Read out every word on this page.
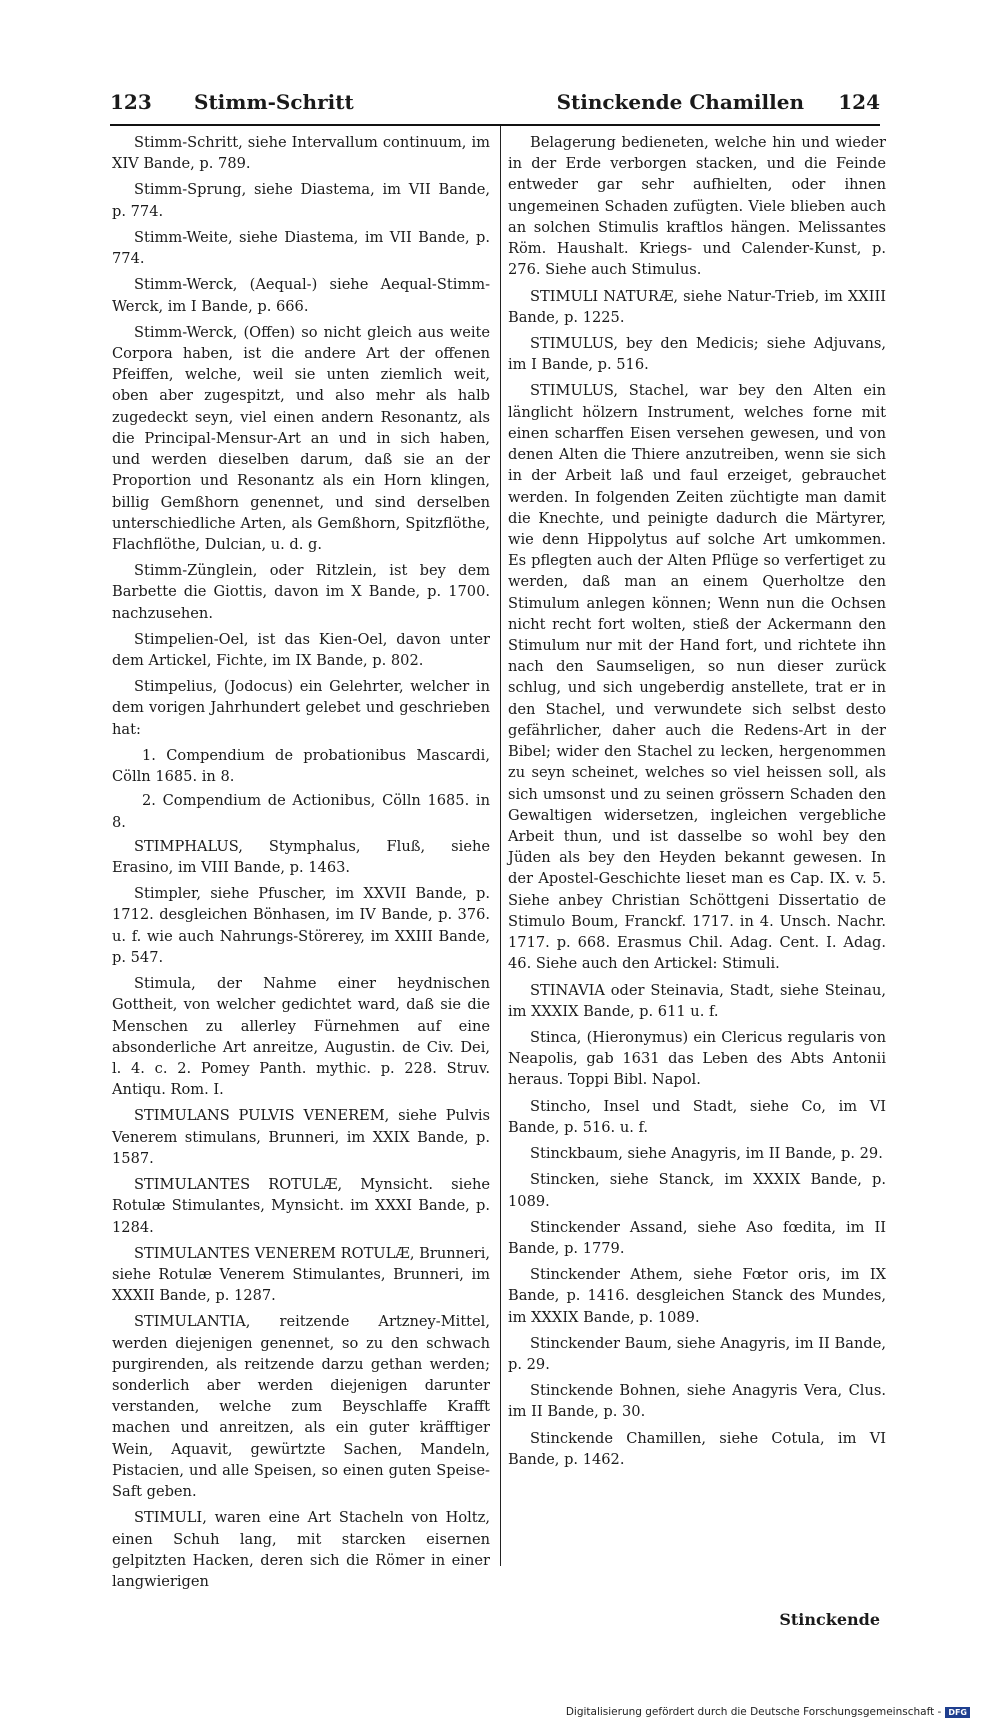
123 Stimm-Schritt	Stinckende Chamillen 124

Stimm-Schritt, siehe Intervallum continuum, im XIV Bande, p. 789.

Stimm-Sprung, siehe Diastema, im VII Bande, p. 774.

Stimm-Weite, siehe Diastema, im VII Bande, p. 774.

Stimm-Werck, (Aequal-) siehe Aequal-Stimm-Werck, im I Bande, p. 666.

Stimm-Werck, (Offen) so nicht gleich aus weite Corpora haben, ist die andere Art der offenen Pfeiffen, welche, weil sie unten ziemlich weit, oben aber zugespitzt, und also mehr als halb zugedeckt seyn, viel einen andern Resonantz, als die Principal-Mensur-Art an und in sich haben, und werden dieselben darum, daß sie an der Proportion und Resonantz als ein Horn klingen, billig Gemßhorn genennet, und sind derselben unterschiedliche Arten, als Gemßhorn, Spitzflöthe, Flachflöthe, Dulcian, u. d. g.

Stimm-Zünglein, oder Ritzlein, ist bey dem Barbette die Giottis, davon im X Bande, p. 1700. nachzusehen.

Stimpelien-Oel, ist das Kien-Oel, davon unter dem Artickel, Fichte, im IX Bande, p. 802.

Stimpelius, (Jodocus) ein Gelehrter, welcher in dem vorigen Jahrhundert gelebet und geschrieben hat:

1. Compendium de probationibus Mascardi, Cölln 1685. in 8.

2. Compendium de Actionibus, Cölln 1685. in 8.

STIMPHALUS, Stymphalus, Fluß, siehe Erasino, im VIII Bande, p. 1463.

Stimpler, siehe Pfuscher, im XXVII Bande, p. 1712. desgleichen Bönhasen, im IV Bande, p. 376. u. f. wie auch Nahrungs-Störerey, im XXIII Bande, p. 547.

Stimula, der Nahme einer heydnischen Gottheit, von welcher gedichtet ward, daß sie die Menschen zu allerley Fürnehmen auf eine absonderliche Art anreitze, Augustin. de Civ. Dei, l. 4. c. 2. Pomey Panth. mythic. p. 228. Struv. Antiqu. Rom. I.

STIMULANS PULVIS VENEREM, siehe Pulvis Venerem stimulans, Brunneri, im XXIX Bande, p. 1587.

STIMULANTES ROTULÆ, Mynsicht. siehe Rotulæ Stimulantes, Mynsicht. im XXXI Bande, p. 1284.

STIMULANTES VENEREM ROTULÆ, Brunneri, siehe Rotulæ Venerem Stimulantes, Brunneri, im XXXII Bande, p. 1287.

STIMULANTIA, reitzende Artzney-Mittel, werden diejenigen genennet, so zu den schwach purgirenden, als reitzende darzu gethan werden; sonderlich aber werden diejenigen darunter verstanden, welche zum Beyschlaffe Krafft machen und anreitzen, als ein guter kräfftiger Wein, Aquavit, gewürtzte Sachen, Mandeln, Pistacien, und alle Speisen, so einen guten Speise-Saft geben.

STIMULI, waren eine Art Stacheln von Holtz, einen Schuh lang, mit starcken eisernen gelpitzten Hacken, deren sich die Römer in einer langwierigen

Belagerung bedieneten, welche hin und wieder in der Erde verborgen stacken, und die Feinde entweder gar sehr aufhielten, oder ihnen ungemeinen Schaden zufügten. Viele blieben auch an solchen Stimulis kraftlos hängen. Melissantes Röm. Haushalt. Kriegs- und Calender-Kunst, p. 276. Siehe auch Stimulus.

STIMULI NATURÆ, siehe Natur-Trieb, im XXIII Bande, p. 1225.

STIMULUS, bey den Medicis; siehe Adjuvans, im I Bande, p. 516.

STIMULUS, Stachel, war bey den Alten ein länglicht hölzern Instrument, welches forne mit einen scharffen Eisen versehen gewesen, und von denen Alten die Thiere anzutreiben, wenn sie sich in der Arbeit laß und faul erzeiget, gebrauchet werden. In folgenden Zeiten züchtigte man damit die Knechte, und peinigte dadurch die Märtyrer, wie denn Hippolytus auf solche Art umkommen. Es pflegten auch der Alten Pflüge so verfertiget zu werden, daß man an einem Querholtze den Stimulum anlegen können; Wenn nun die Ochsen nicht recht fort wolten, stieß der Ackermann den Stimulum nur mit der Hand fort, und richtete ihn nach den Saumseligen, so nun dieser zurück schlug, und sich ungeberdig anstellete, trat er in den Stachel, und verwundete sich selbst desto gefährlicher, daher auch die Redens-Art in der Bibel; wider den Stachel zu lecken, hergenommen zu seyn scheinet, welches so viel heissen soll, als sich umsonst und zu seinen grössern Schaden den Gewaltigen widersetzen, ingleichen vergebliche Arbeit thun, und ist dasselbe so wohl bey den Jüden als bey den Heyden bekannt gewesen. In der Apostel-Geschichte lieset man es Cap. IX. v. 5. Siehe anbey Christian Schöttgeni Dissertatio de Stimulo Boum, Franckf. 1717. in 4. Unsch. Nachr. 1717. p. 668. Erasmus Chil. Adag. Cent. I. Adag. 46. Siehe auch den Artickel: Stimuli.

STINAVIA oder Steinavia, Stadt, siehe Steinau, im XXXIX Bande, p. 611 u. f.

Stinca, (Hieronymus) ein Clericus regularis von Neapolis, gab 1631 das Leben des Abts Antonii heraus. Toppi Bibl. Napol.

Stincho, Insel und Stadt, siehe Co, im VI Bande, p. 516. u. f.

Stinckbaum, siehe Anagyris, im II Bande, p. 29.

Stincken, siehe Stanck, im XXXIX Bande, p. 1089.

Stinckender Assand, siehe Aso fœdita, im II Bande, p. 1779.

Stinckender Athem, siehe Fœtor oris, im IX Bande, p. 1416. desgleichen Stanck des Mundes, im XXXIX Bande, p. 1089.

Stinckender Baum, siehe Anagyris, im II Bande, p. 29.

Stinckende Bohnen, siehe Anagyris Vera, Clus. im II Bande, p. 30.

Stinckende Chamillen, siehe Cotula, im VI Bande, p. 1462.

Stinckende
Digitalisierung gefördert durch die Deutsche Forschungsgemeinschaft - DFG
